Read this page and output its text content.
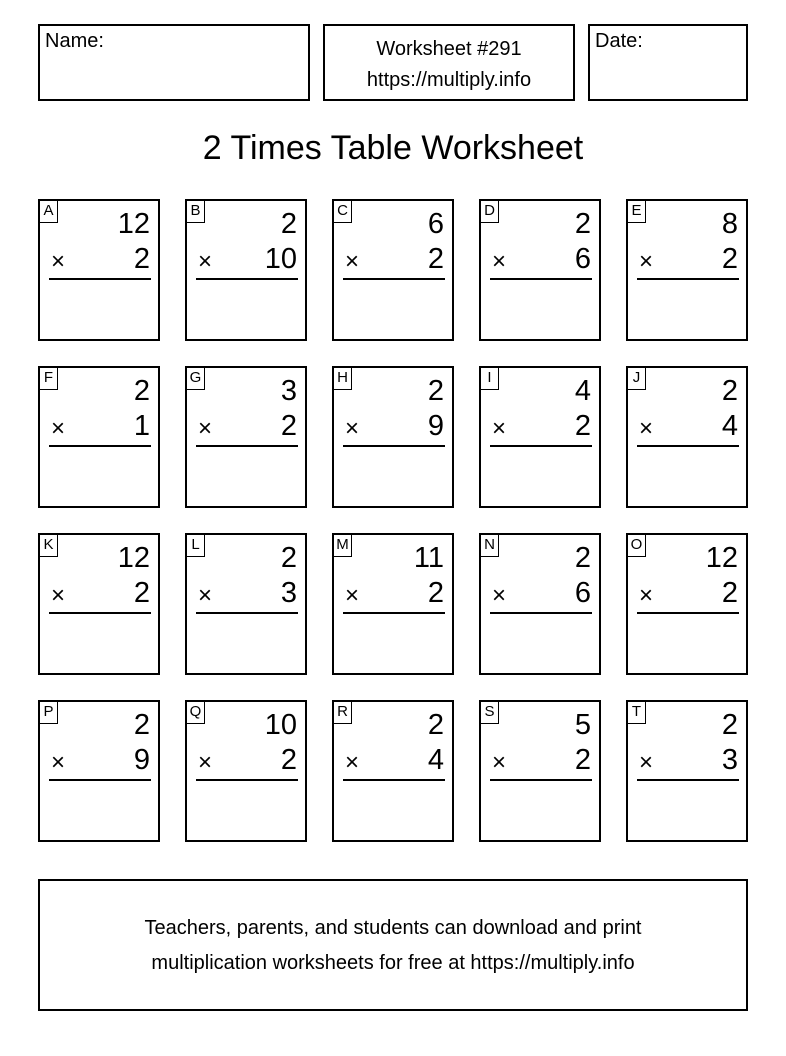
Name:	Worksheet #291
https://multiply.info
Date:
2 Times Table Worksheet
A	12
×	2
B	2
×	10
C	6
×	2
D	2
×	6
E	8
×	2
F	2
×	1
G	3
×	2
H	2
×	9
I	4
×	2
J	2
×	4
K	12
×	2
L	2
×	3
M	11
×	2
N	2
×	6
O	12
×	2
P	2
×	9
Q	10
×	2
R	2
×	4
S	5
×	2
T	2
×	3
Teachers, parents, and students can download and print
multiplication worksheets for free at https://multiply.info
